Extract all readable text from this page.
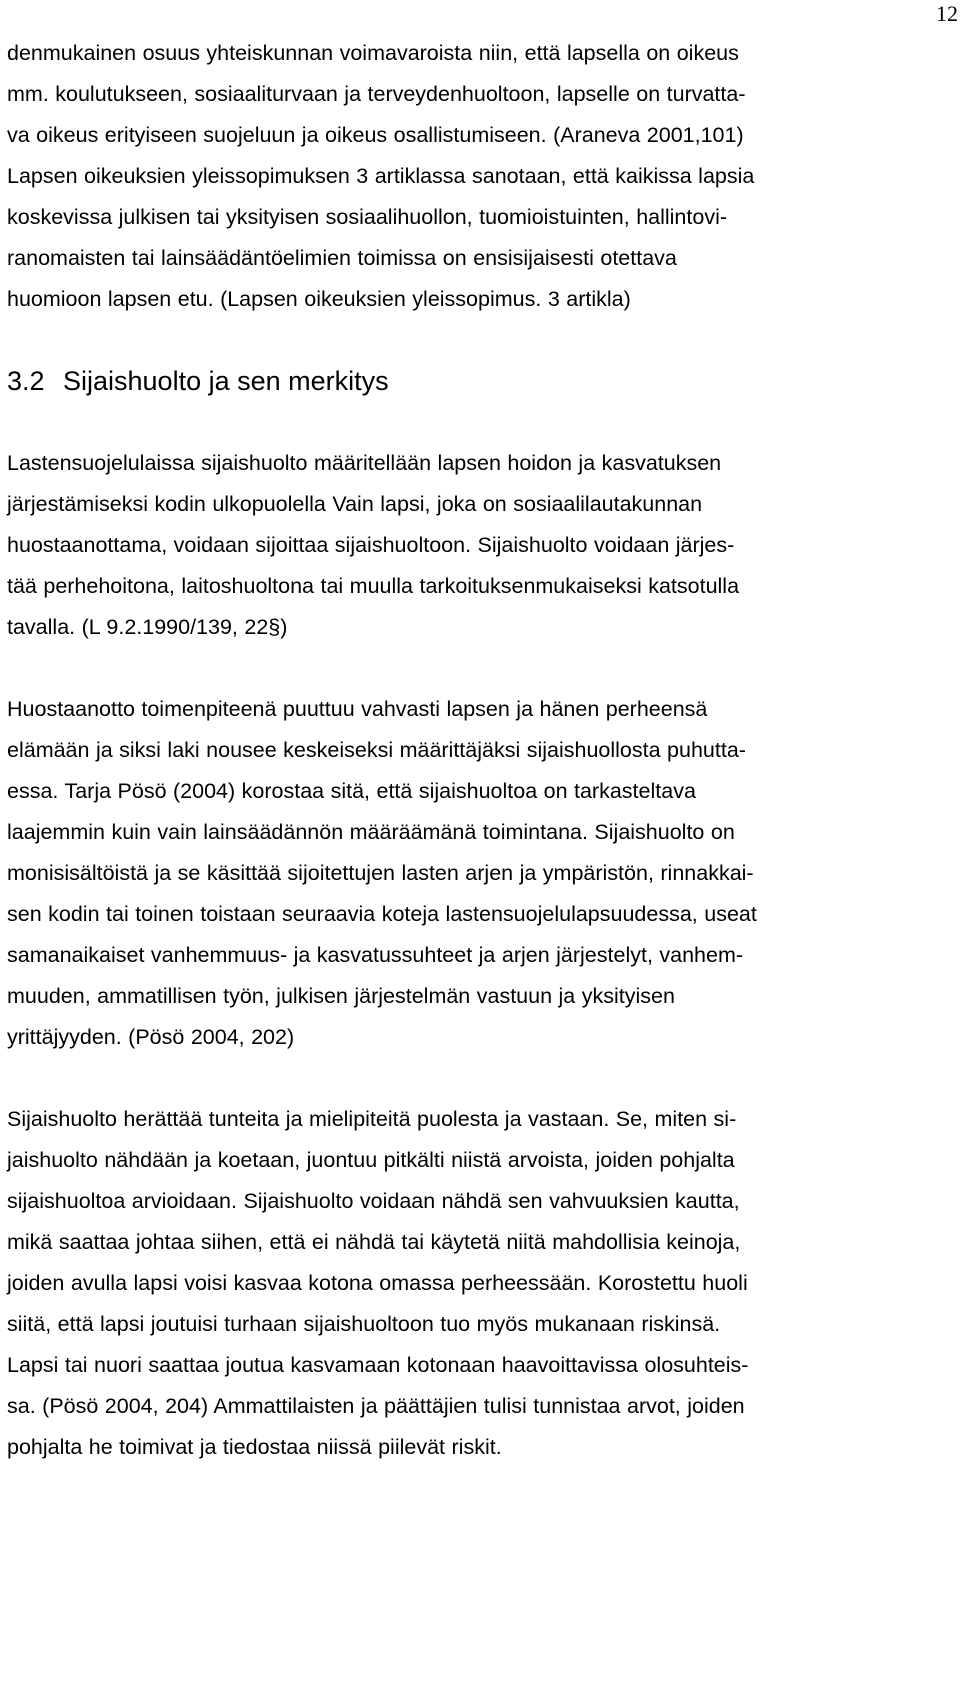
12
denmukainen osuus yhteiskunnan voimavaroista niin, että lapsella on oikeus
mm. koulutukseen, sosiaaliturvaan ja terveydenhuoltoon, lapselle on turvatta-
va oikeus erityiseen suojeluun ja oikeus osallistumiseen. (Araneva 2001,101)
Lapsen oikeuksien yleissopimuksen 3 artiklassa sanotaan, että kaikissa lapsia
koskevissa julkisen tai yksityisen sosiaalihuollon, tuomioistuinten, hallintovi-
ranomaisten tai lainsäädäntöelimien toimissa on ensisijaisesti otettava
huomioon lapsen etu. (Lapsen oikeuksien yleissopimus. 3 artikla)
3.2 Sijaishuolto ja sen merkitys
Lastensuojelulaissa sijaishuolto määritellään lapsen hoidon ja kasvatuksen
järjestämiseksi kodin ulkopuolella Vain lapsi, joka on sosiaalilautakunnan
huostaanottama, voidaan sijoittaa sijaishuoltoon. Sijaishuolto voidaan järjes-
tää perhehoitona, laitoshuoltona tai muulla tarkoituksenmukaiseksi katsotulla
tavalla. (L 9.2.1990/139, 22§)
Huostaanotto toimenpiteenä puuttuu vahvasti lapsen ja hänen perheensä
elämään ja siksi laki nousee keskeiseksi määrittäjäksi sijaishuollosta puhutta-
essa. Tarja Pösö (2004) korostaa sitä, että sijaishuoltoa on tarkasteltava
laajemmin kuin vain lainsäädännön määräämänä toimintana. Sijaishuolto on
monisisältöistä ja se käsittää sijoitettujen lasten arjen ja ympäristön, rinnakkai-
sen kodin tai toinen toistaan seuraavia koteja lastensuojelulapsuudessa, useat
samanaikaiset vanhemmuus- ja kasvatussuhteet ja arjen järjestelyt, vanhem-
muuden, ammatillisen työn, julkisen järjestelmän vastuun ja yksityisen
yrittäjyyden. (Pösö 2004, 202)
Sijaishuolto herättää tunteita ja mielipiteitä puolesta ja vastaan. Se, miten si-
jaishuolto nähdään ja koetaan, juontuu pitkälti niistä arvoista, joiden pohjalta
sijaishuoltoa arvioidaan. Sijaishuolto voidaan nähdä sen vahvuuksien kautta,
mikä saattaa johtaa siihen, että ei nähdä tai käytetä niitä mahdollisia keinoja,
joiden avulla lapsi voisi kasvaa kotona omassa perheessään. Korostettu huoli
siitä, että lapsi joutuisi turhaan sijaishuoltoon tuo myös mukanaan riskinsä.
Lapsi tai nuori saattaa joutua kasvamaan kotonaan haavoittavissa olosuhteis-
sa. (Pösö 2004, 204) Ammattilaisten ja päättäjien tulisi tunnistaa arvot, joiden
pohjalta he toimivat ja tiedostaa niissä piilevät riskit.
